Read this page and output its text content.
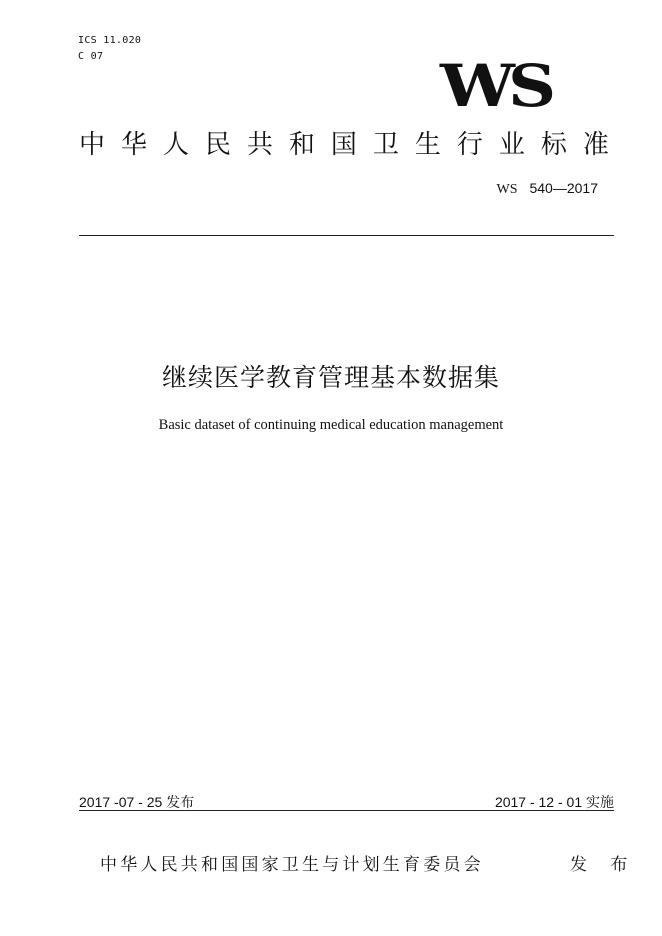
ICS 11.020
C 07	WS
中 华 人 民 共 和 国 卫 生 行 业 标 准
WS 540—2017
继续医学教育管理基本数据集
Basic dataset of continuing medical education management
2017 -07 - 25 发布	2017 - 12 - 01 实施
中华人民共和国国家卫生与计划生育委员会	发 布
